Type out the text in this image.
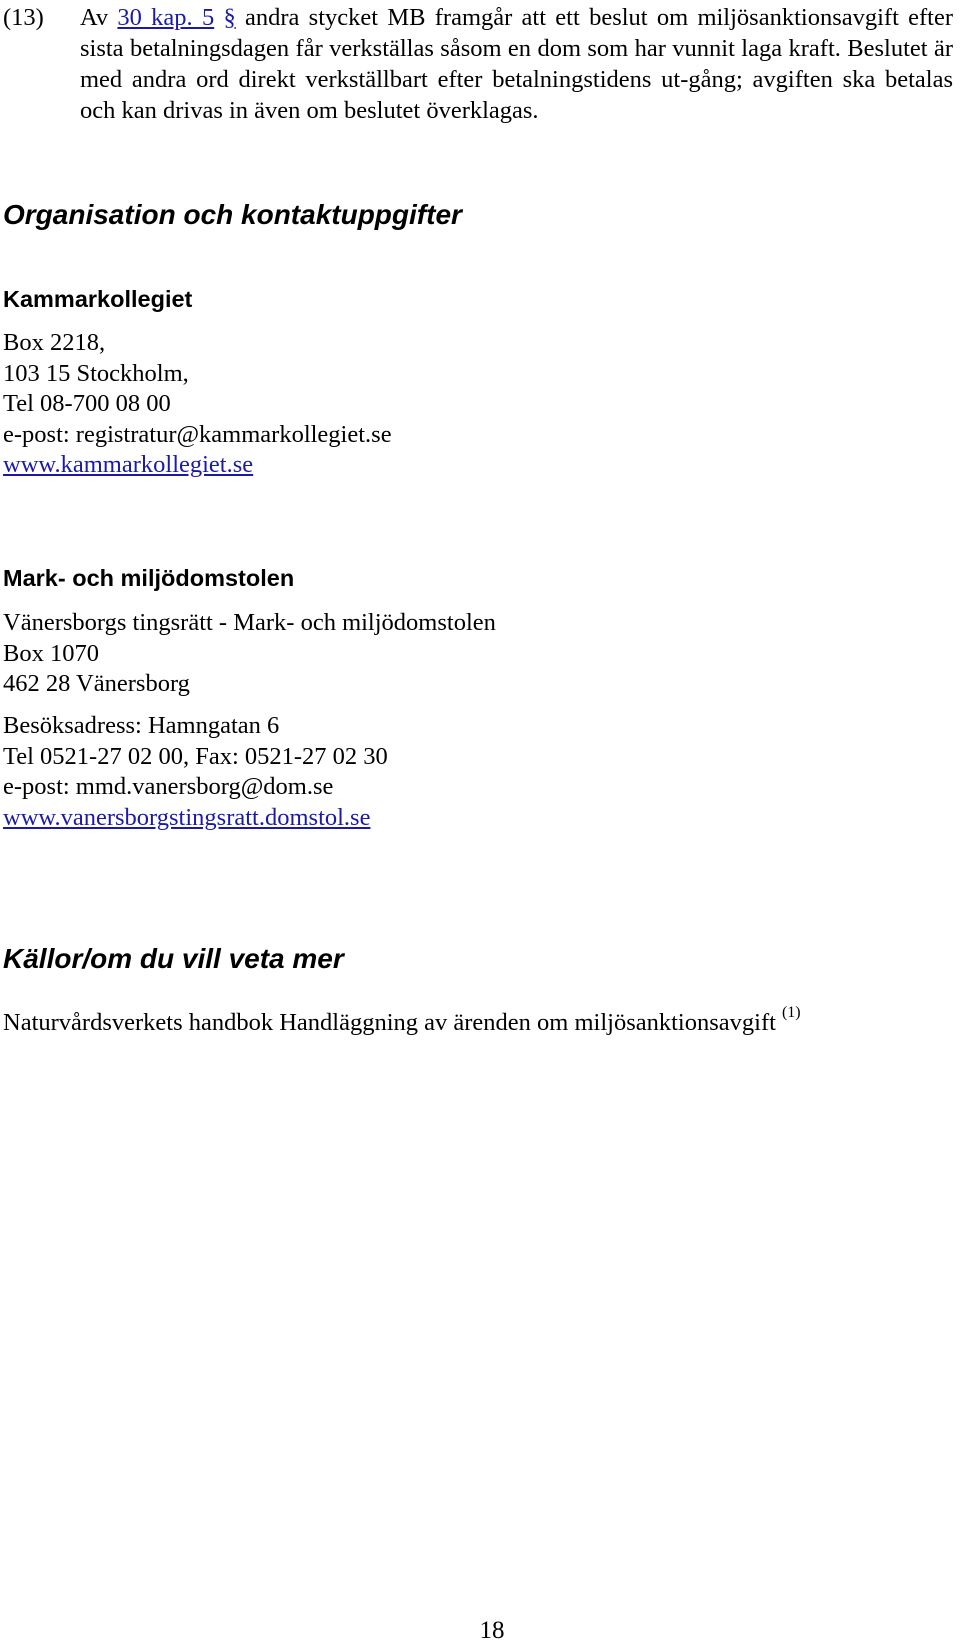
(13)	Av 30 kap. 5 § andra stycket MB framgår att ett beslut om miljösanktionsavgift efter sista betalningsdagen får verkställas såsom en dom som har vunnit laga kraft. Beslutet är med andra ord direkt verkställbart efter betalningstidens ut-gång; avgiften ska betalas och kan drivas in även om beslutet överklagas.
Organisation och kontaktuppgifter
Kammarkollegiet
Box 2218,
103 15 Stockholm,
Tel 08-700 08 00
e-post: registratur@kammarkollegiet.se
www.kammarkollegiet.se
Mark- och miljödomstolen
Vänersborgs tingsrätt - Mark- och miljödomstolen
Box 1070
462 28 Vänersborg
Besöksadress: Hamngatan 6
Tel 0521-27 02 00, Fax: 0521-27 02 30
e-post: mmd.vanersborg@dom.se
www.vanersborgstingsratt.domstol.se
Källor/om du vill veta mer
Naturvårdsverkets handbok Handläggning av ärenden om miljösanktionsavgift $^{(1)}$
18
